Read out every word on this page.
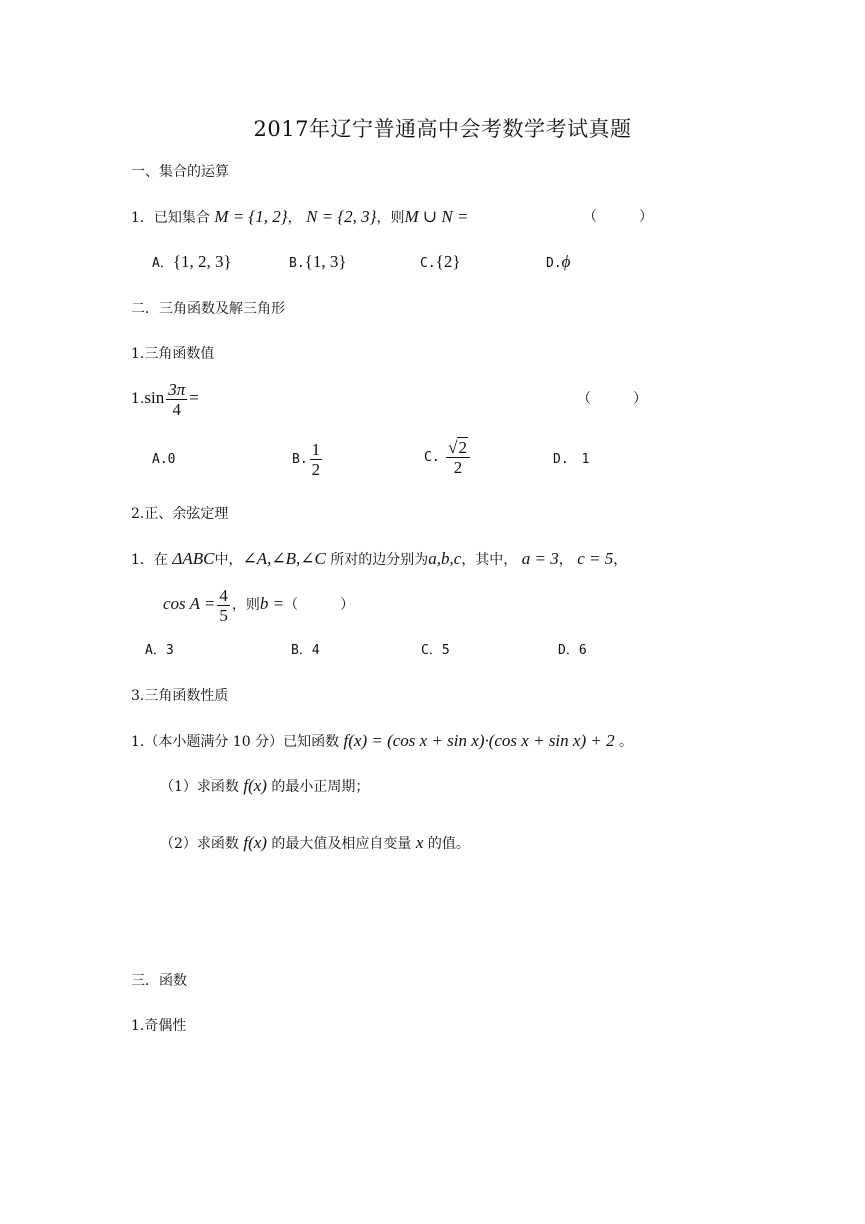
2017年辽宁普通高中会考数学考试真题
一、集合的运算
1．已知集合 M = {1, 2}， N = {2, 3}，则M ∪ N =	（　　　）
A．{1, 2, 3}	B.{1, 3}	C.{2}	D.ϕ
二．三角函数及解三角形
1.三角函数值
$1.\sin \frac{3\pi}{4}$ =	（　　　）
A.0	B. $\frac{1}{2}$	C. $\frac{√2}{2}$	D.　1
2.正、余弦定理
1．在 ΔABC中，∠A,∠B,∠C 所对的边分别为a,b,c，其中， a = 3， c = 5，
$\cos A = \frac{4}{5}$ ，则b =（　　　）
A．3	B．4	C．5	D．6
3.三角函数性质
1.（本小题满分 10 分）已知函数 f(x) = (cos x + sin x)·(cos x + sin x) + 2 。
（1）求函数 f(x) 的最小正周期；
（2）求函数 f(x) 的最大值及相应自变量 x 的值。
三．函数
1.奇偶性
